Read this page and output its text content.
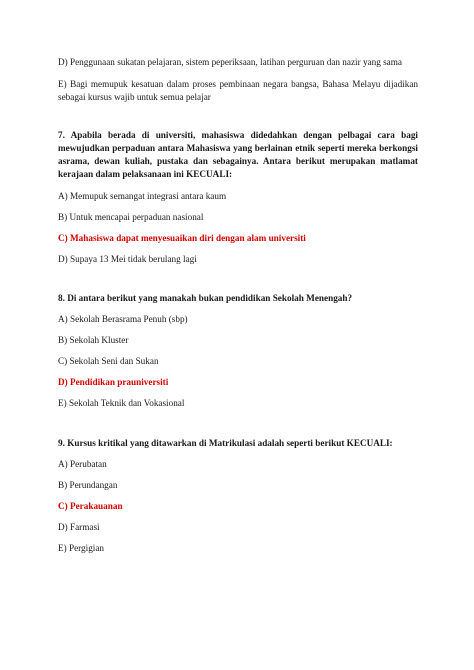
D) Penggunaan sukatan pelajaran, sistem peperiksaan, latihan perguruan dan nazir yang sama

E) Bagi memupuk kesatuan dalam proses pembinaan negara bangsa, Bahasa Melayu dijadikan sebagai kursus wajib untuk semua pelajar

7. Apabila berada di universiti, mahasiswa didedahkan dengan pelbagai cara bagi mewujudkan perpaduan antara Mahasiswa yang berlainan etnik seperti mereka berkongsi asrama, dewan kuliah, pustaka dan sebagainya. Antara berikut merupakan matlamat kerajaan dalam pelaksanaan ini KECUALI:

A) Memupuk semangat integrasi antara kaum

B) Untuk mencapai perpaduan nasional

C) Mahasiswa dapat menyesuaikan diri dengan alam universiti

D) Supaya 13 Mei tidak berulang lagi

8. Di antara berikut yang manakah bukan pendidikan Sekolah Menengah?

A) Sekolah Berasrama Penuh (sbp)

B) Sekolah Kluster

C) Sekolah Seni dan Sukan

D) Pendidikan prauniversiti

E) Sekolah Teknik dan Vokasional

9. Kursus kritikal yang ditawarkan di Matrikulasi adalah seperti berikut KECUALI:

A) Perubatan

B) Perundangan

C) Perakauanan

D) Farmasi

E) Pergigian
